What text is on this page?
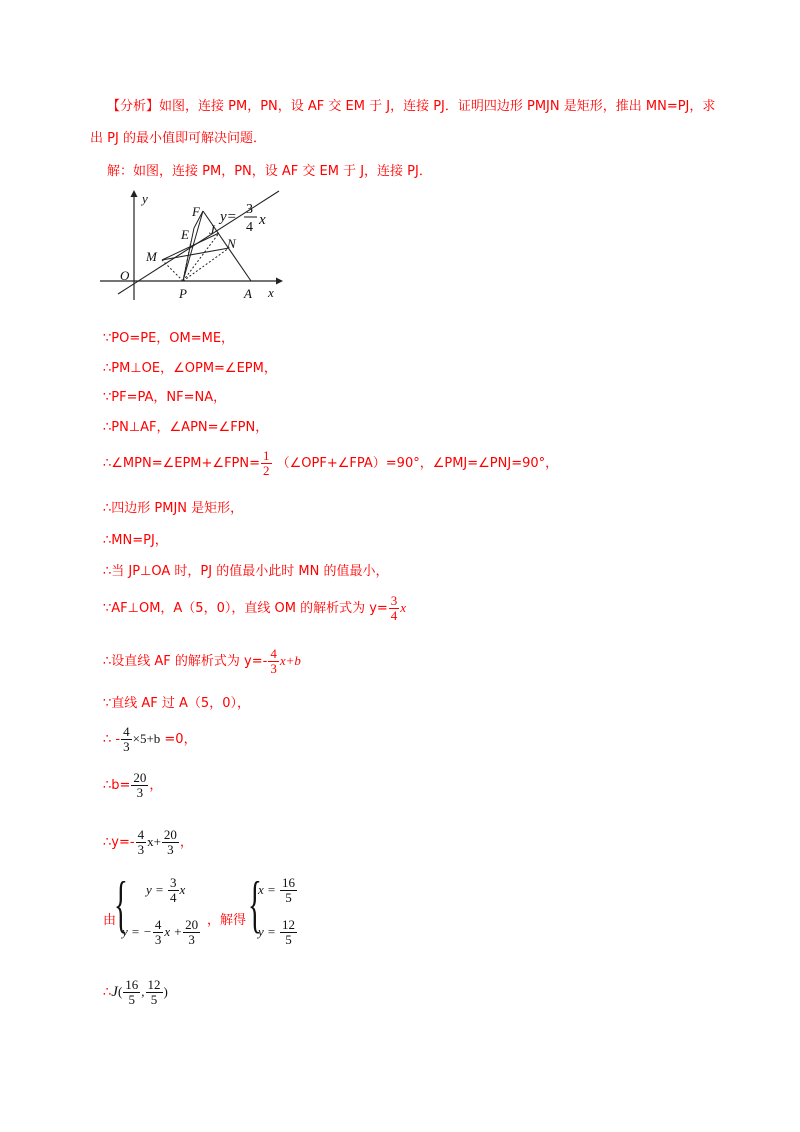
【分析】如图，连接 PM，PN，设 AF 交 EM 于 J，连接 PJ．证明四边形 PMJN 是矩形，推出 MN=PJ，求
出 PJ 的最小值即可解决问题．
解：如图，连接 PM，PN，设 AF 交 EM 于 J，连接 PJ．
y
x
O
P	A
M
N
E
F
J
y= 3
4 x
∵PO=PE，OM=ME，
∴PM⊥OE，∠OPM=∠EPM，
∵PF=PA，NF=NA，
∴PN⊥AF，∠APN=∠FPN，
∴∠MPN=∠EPM+∠FPN= $\frac{1}{2}$ （∠OPF+∠FPA）=90°，∠PMJ=∠PNJ=90°，
∴四边形 PMJN 是矩形，
∴MN=PJ，
∴当 JP⊥OA 时，PJ 的值最小此时 MN 的值最小，
∵AF⊥OM，A（5，0），直线 OM 的解析式为 $y= \frac{3}{4}$ x
∴设直线 AF 的解析式为 $y=- \frac{4}{3} x+b$
∵直线 AF 过 A（5，0），
∴ - $\frac{4}{3} \times 5+b =0$，
∴b= $\frac{20}{3}$ ，
∴y=- $\frac{4}{3} x+ \frac{20}{3}$ ，
由
{ $y = \frac{3}{4}$ x
y = − $\frac{4}{3}$ $x + \frac{20}{3}$ ，解得 {
$x = \frac{16}{5}$
$y = \frac{12}{5}$
∴J( $\frac{16}{5}$ , $\frac{12}{5}$ )
